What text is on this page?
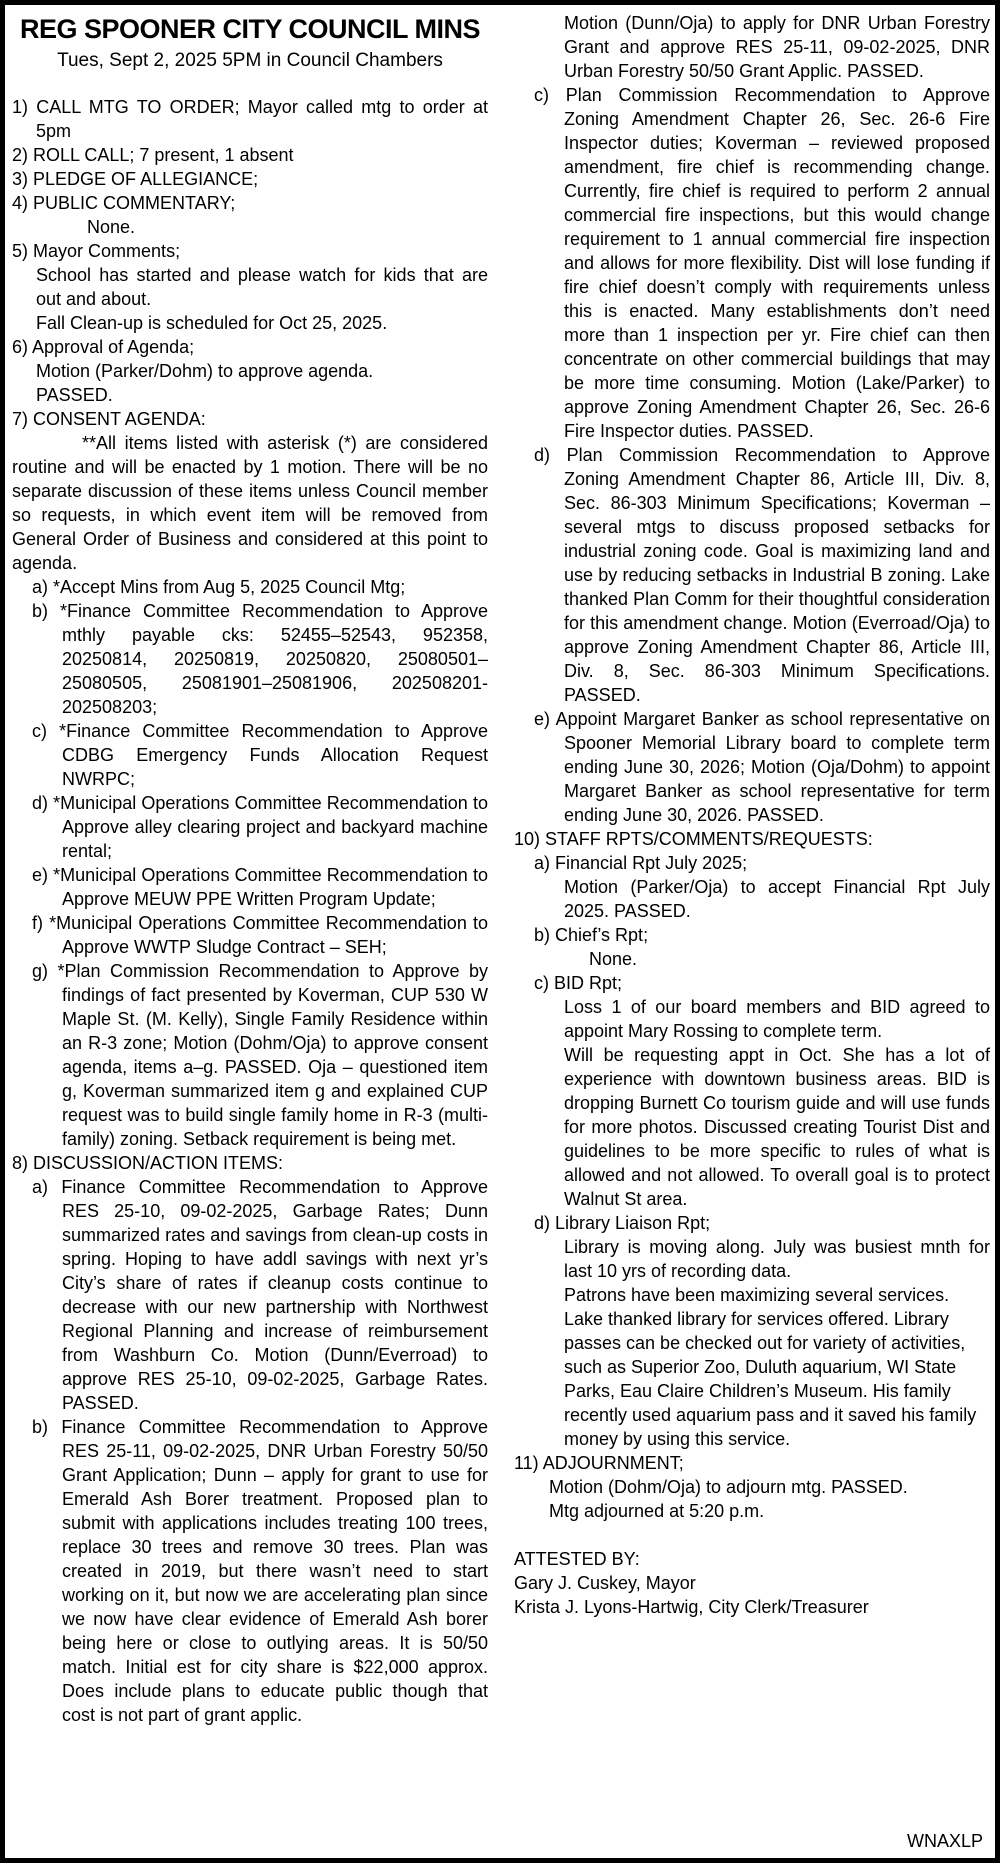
REG SPOONER CITY COUNCIL MINS
Tues, Sept 2, 2025 5PM in Council Chambers
1) CALL MTG TO ORDER; Mayor called mtg to order at 5pm
2) ROLL CALL; 7 present, 1 absent
3) PLEDGE OF ALLEGIANCE;
4) PUBLIC COMMENTARY;
None.
5) Mayor Comments;
School has started and please watch for kids that are out and about.
Fall Clean-up is scheduled for Oct 25, 2025.
6) Approval of Agenda;
Motion (Parker/Dohm) to approve agenda.
PASSED.
7) CONSENT AGENDA:
**All items listed with asterisk (*) are considered routine and will be enacted by 1 motion. There will be no separate discussion of these items unless Council member so requests, in which event item will be removed from General Order of Business and considered at this point to agenda.
a) *Accept Mins from Aug 5, 2025 Council Mtg;
b) *Finance Committee Recommendation to Approve mthly payable cks: 52455–52543, 952358, 20250814, 20250819, 20250820, 25080501–25080505, 25081901–25081906, 202508201- 202508203;
c) *Finance Committee Recommendation to Approve CDBG Emergency Funds Allocation Request NWRPC;
d) *Municipal Operations Committee Recommendation to Approve alley clearing project and backyard machine rental;
e) *Municipal Operations Committee Recommendation to Approve MEUW PPE Written Program Update;
f) *Municipal Operations Committee Recommendation to Approve WWTP Sludge Contract – SEH;
g) *Plan Commission Recommendation to Approve by findings of fact presented by Koverman, CUP 530 W Maple St. (M. Kelly), Single Family Residence within an R-3 zone; Motion (Dohm/Oja) to approve consent agenda, items a–g. PASSED. Oja – questioned item g, Koverman summarized item g and explained CUP request was to build single family home in R-3 (multi-family) zoning. Setback requirement is being met.
8) DISCUSSION/ACTION ITEMS:
a) Finance Committee Recommendation to Approve RES 25-10, 09-02-2025, Garbage Rates; Dunn summarized rates and savings from clean-up costs in spring. Hoping to have addl savings with next yr’s City’s share of rates if cleanup costs continue to decrease with our new partnership with Northwest Regional Planning and increase of reimbursement from Washburn Co. Motion (Dunn/Everroad) to approve RES 25-10, 09-02-2025, Garbage Rates. PASSED.
b) Finance Committee Recommendation to Approve RES 25-11, 09-02-2025, DNR Urban Forestry 50/50 Grant Application; Dunn – apply for grant to use for Emerald Ash Borer treatment. Proposed plan to submit with applications includes treating 100 trees, replace 30 trees and remove 30 trees. Plan was created in 2019, but there wasn’t need to start working on it, but now we are accelerating plan since we now have clear evidence of Emerald Ash borer being here or close to outlying areas. It is 50/50 match. Initial est for city share is $22,000 approx. Does include plans to educate public though that cost is not part of grant applic.
Motion (Dunn/Oja) to apply for DNR Urban Forestry Grant and approve RES 25-11, 09-02-2025, DNR Urban Forestry 50/50 Grant Applic. PASSED.
c) Plan Commission Recommendation to Approve Zoning Amendment Chapter 26, Sec. 26-6 Fire Inspector duties; Koverman – reviewed proposed amendment, fire chief is recommending change. Currently, fire chief is required to perform 2 annual commercial fire inspections, but this would change requirement to 1 annual commercial fire inspection and allows for more flexibility. Dist will lose funding if fire chief doesn’t comply with requirements unless this is enacted. Many establishments don’t need more than 1 inspection per yr. Fire chief can then concentrate on other commercial buildings that may be more time consuming. Motion (Lake/Parker) to approve Zoning Amendment Chapter 26, Sec. 26-6 Fire Inspector duties. PASSED.
d) Plan Commission Recommendation to Approve Zoning Amendment Chapter 86, Article III, Div. 8, Sec. 86-303 Minimum Specifications; Koverman – several mtgs to discuss proposed setbacks for industrial zoning code. Goal is maximizing land and use by reducing setbacks in Industrial B zoning. Lake thanked Plan Comm for their thoughtful consideration for this amendment change. Motion (Everroad/Oja) to approve Zoning Amendment Chapter 86, Article III, Div. 8, Sec. 86-303 Minimum Specifications. PASSED.
e) Appoint Margaret Banker as school representative on Spooner Memorial Library board to complete term ending June 30, 2026; Motion (Oja/Dohm) to appoint Margaret Banker as school representative for term ending June 30, 2026. PASSED.
10) STAFF RPTS/COMMENTS/REQUESTS:
a) Financial Rpt July 2025;
Motion (Parker/Oja) to accept Financial Rpt July 2025. PASSED.
b) Chief’s Rpt;
None.
c) BID Rpt;
Loss 1 of our board members and BID agreed to appoint Mary Rossing to complete term.
Will be requesting appt in Oct. She has a lot of experience with downtown business areas. BID is dropping Burnett Co tourism guide and will use funds for more photos. Discussed creating Tourist Dist and guidelines to be more specific to rules of what is allowed and not allowed. To overall goal is to protect Walnut St area.
d) Library Liaison Rpt;
Library is moving along. July was busiest mnth for last 10 yrs of recording data.
Patrons have been maximizing several services. Lake thanked library for services offered. Library passes can be checked out for variety of activities, such as Superior Zoo, Duluth aquarium, WI State Parks, Eau Claire Children’s Museum. His family recently used aquarium pass and it saved his family money by using this service.
11) ADJOURNMENT;
Motion (Dohm/Oja) to adjourn mtg. PASSED.
Mtg adjourned at 5:20 p.m.
ATTESTED BY:
Gary J. Cuskey, Mayor
Krista J. Lyons-Hartwig, City Clerk/Treasurer
WNAXLP
